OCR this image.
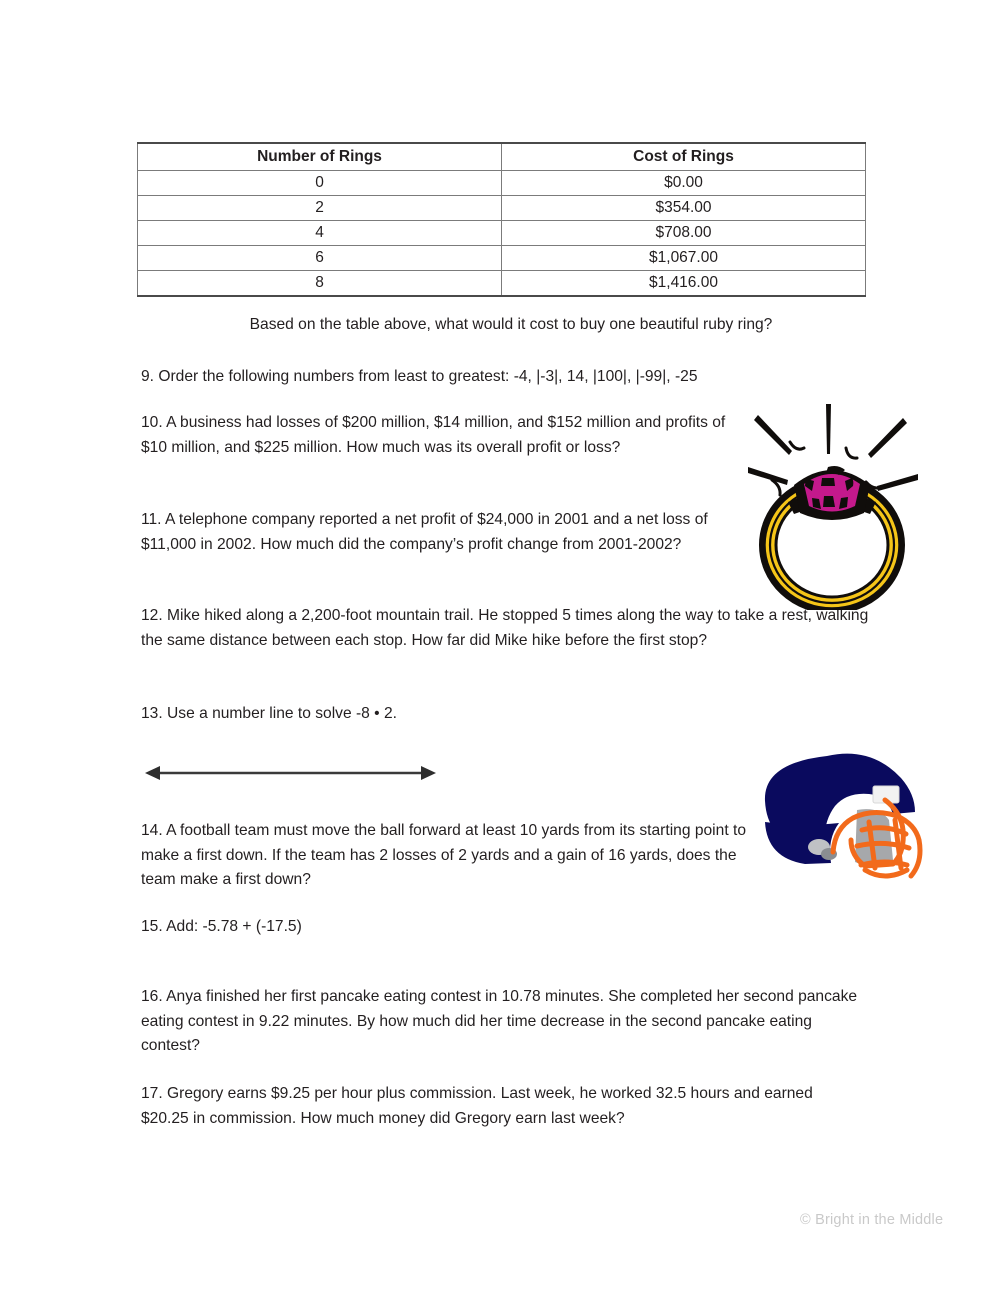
Number of Rings	Cost of Rings
0	$0.00
2	$354.00
4	$708.00
6	$1,067.00
8	$1,416.00
Based on the table above, what would it cost to buy one beautiful ruby ring?
9. Order the following numbers from least to greatest: -4, |-3|, 14, |100|, |-99|, -25
10. A business had losses of $200 million, $14 million, and $152 million and profits of $10 million, and $225 million. How much was its overall profit or loss?
11. A telephone company reported a net profit of $24,000 in 2001 and a net loss of $11,000 in 2002. How much did the company’s profit change from 2001-2002?
12. Mike hiked along a 2,200-foot mountain trail. He stopped 5 times along the way to take a rest, walking the same distance between each stop. How far did Mike hike before the first stop?
13. Use a number line to solve -8 • 2.
14. A football team must move the ball forward at least 10 yards from its starting point to make a first down. If the team has 2 losses of 2 yards and a gain of 16 yards, does the team make a first down?
15. Add: -5.78 + (-17.5)
16. Anya finished her first pancake eating contest in 10.78 minutes. She completed her second pancake eating contest in 9.22 minutes. By how much did her time decrease in the second pancake eating contest?
17. Gregory earns $9.25 per hour plus commission. Last week, he worked 32.5 hours and earned $20.25 in commission. How much money did Gregory earn last week?
© Bright in the Middle
